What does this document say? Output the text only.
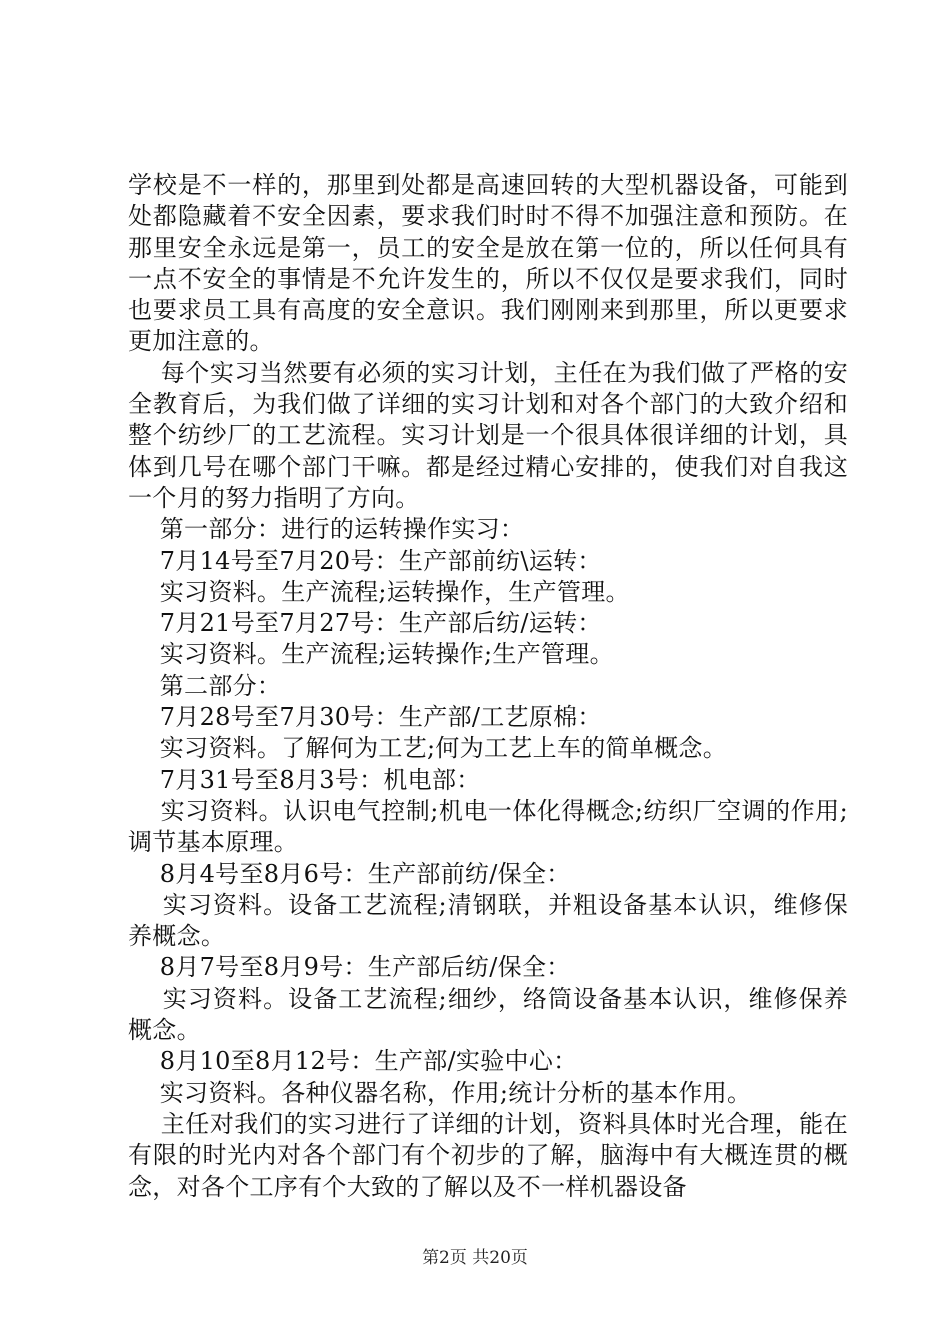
学校是不一样的，那里到处都是高速回转的大型机器设备，可能到处都隐藏着不安全因素，要求我们时时不得不加强注意和预防。在那里安全永远是第一，员工的安全是放在第一位的，所以任何具有一点不安全的事情是不允许发生的，所以不仅仅是要求我们，同时也要求员工具有高度的安全意识。我们刚刚来到那里，所以更要求更加注意的。

每个实习当然要有必须的实习计划，主任在为我们做了严格的安全教育后，为我们做了详细的实习计划和对各个部门的大致介绍和整个纺纱厂的工艺流程。实习计划是一个很具体很详细的计划，具体到几号在哪个部门干嘛。都是经过精心安排的，使我们对自我这一个月的努力指明了方向。

第一部分：进行的运转操作实习：

7月14号至7月20号：生产部前纺\运转：

实习资料。生产流程;运转操作，生产管理。

7月21号至7月27号：生产部后纺/运转：

实习资料。生产流程;运转操作;生产管理。

第二部分：

7月28号至7月30号：生产部/工艺原棉：

实习资料。了解何为工艺;何为工艺上车的简单概念。

7月31号至8月3号：机电部：

实习资料。认识电气控制;机电一体化得概念;纺织厂空调的作用;调节基本原理。

8月4号至8月6号：生产部前纺/保全：

实习资料。设备工艺流程;清钢联，并粗设备基本认识，维修保养概念。

8月7号至8月9号：生产部后纺/保全：

实习资料。设备工艺流程;细纱，络筒设备基本认识，维修保养概念。

8月10至8月12号：生产部/实验中心：

实习资料。各种仪器名称，作用;统计分析的基本作用。

主任对我们的实习进行了详细的计划，资料具体时光合理，能在有限的时光内对各个部门有个初步的了解，脑海中有大概连贯的概念，对各个工序有个大致的了解以及不一样机器设备

第2页 共20页
